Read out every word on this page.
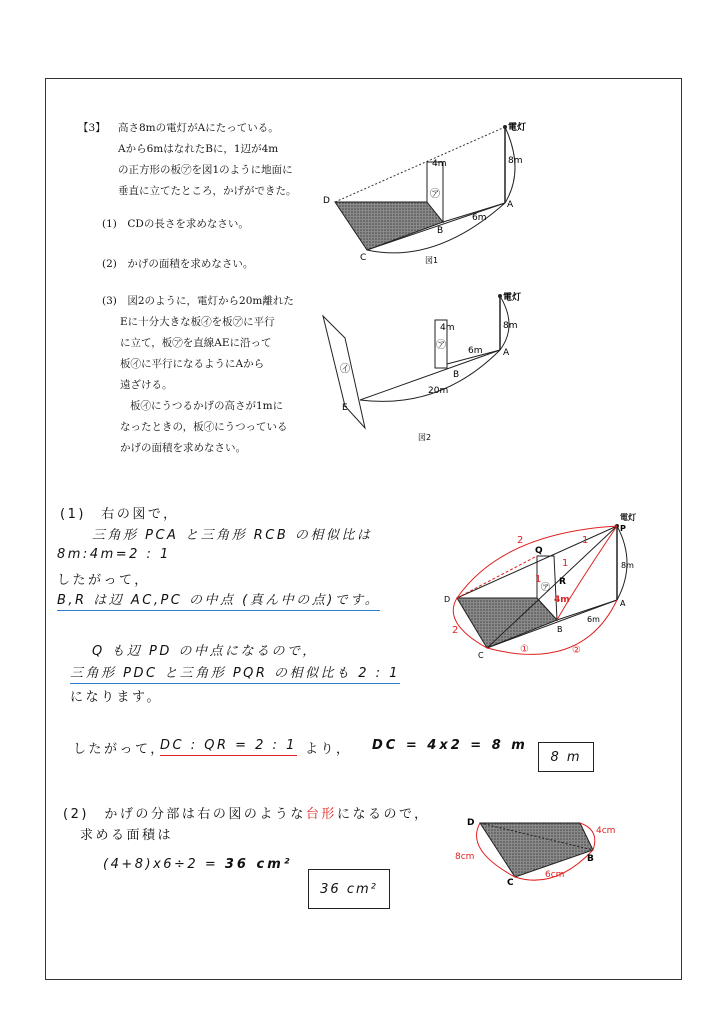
【3】 高さ8mの電灯がAにたっている。
Aから6mはなれたBに，1辺が4m
の正方形の板㋐を図1のように地面に
垂直に立てたところ，かげができた。
(1)　CDの長さを求めなさい。
(2)　かげの面積を求めなさい。
(3)　図2のように，電灯から20m離れた
Eに十分大きな板㋑を板㋐に平行
に立て，板㋐を直線AEに沿って
板㋑に平行になるようにAから
遠ざける。
板㋑にうつるかげの高さが1mに
なったときの，板㋑にうつっている
かげの面積を求めなさい。
電灯
8m
4m
6m
A
B
C
D
㋐
図1
電灯
8m
4m
6m
20m
A
B
E
㋐
㋑
図2
P
電灯
Q
R
8m
4m
6m
A
B
C
D
㋐
2	1
2
1
①	②
1
D
B
C
4cm
8cm
6cm
(1)　右の図で，
三角形 PCA と三角形 RCB の相似比は
8m:4m=2 : 1
したがって，
B,R は辺 AC,PC の中点 (真ん中の点)です。
Q も辺 PD の中点になるので，
三角形 PDC と三角形 PQR の相似比も 2 : 1
になります。
したがって，
DC : QR = 2 : 1 より， DC = 4x2 = 8 m
8 m
(2)　かげの分部は右の図のような台形になるので，
求める面積は
(4+8)x6÷2 = 36 cm²
36 cm²
